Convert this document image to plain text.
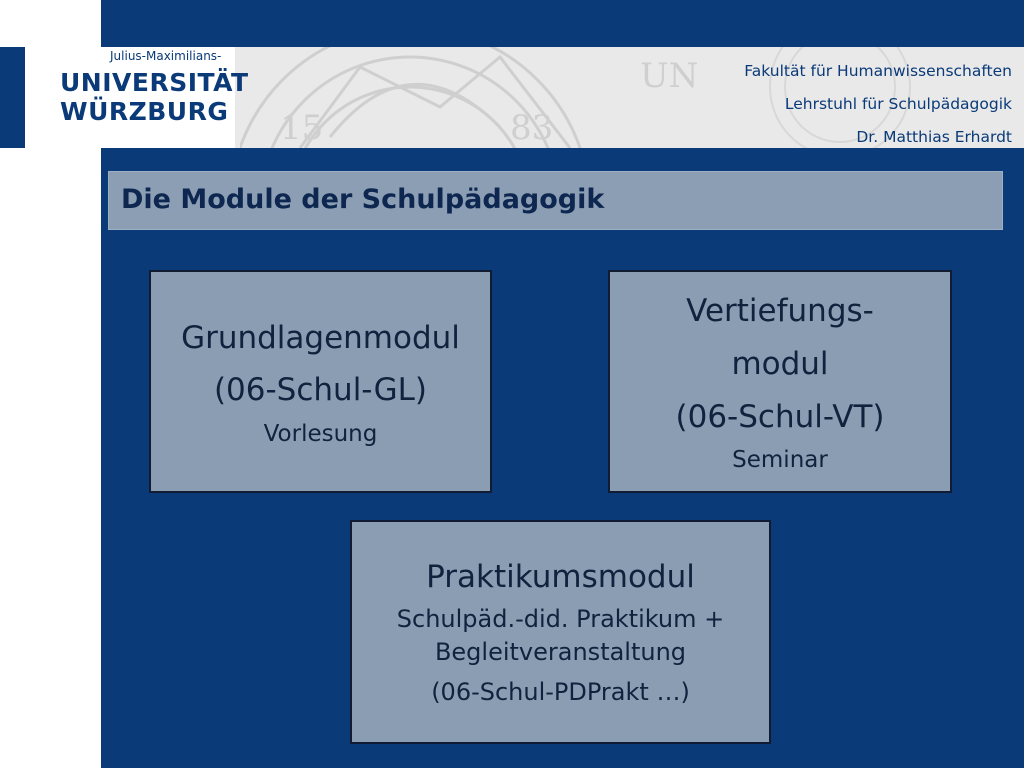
15	83
UN
Julius-Maximilians-
UNIVERSITÄT
WÜRZBURG
Fakultät für Humanwissenschaften
Lehrstuhl für Schulpädagogik
Dr. Matthias Erhardt
Die Module der Schulpädagogik
Grundlagenmodul
(06-Schul-GL)
Vorlesung
Vertiefungs-
modul
(06-Schul-VT)
Seminar
Praktikumsmodul
Schulpäd.-did. Praktikum +
Begleitveranstaltung
(06-Schul-PDPrakt …)
